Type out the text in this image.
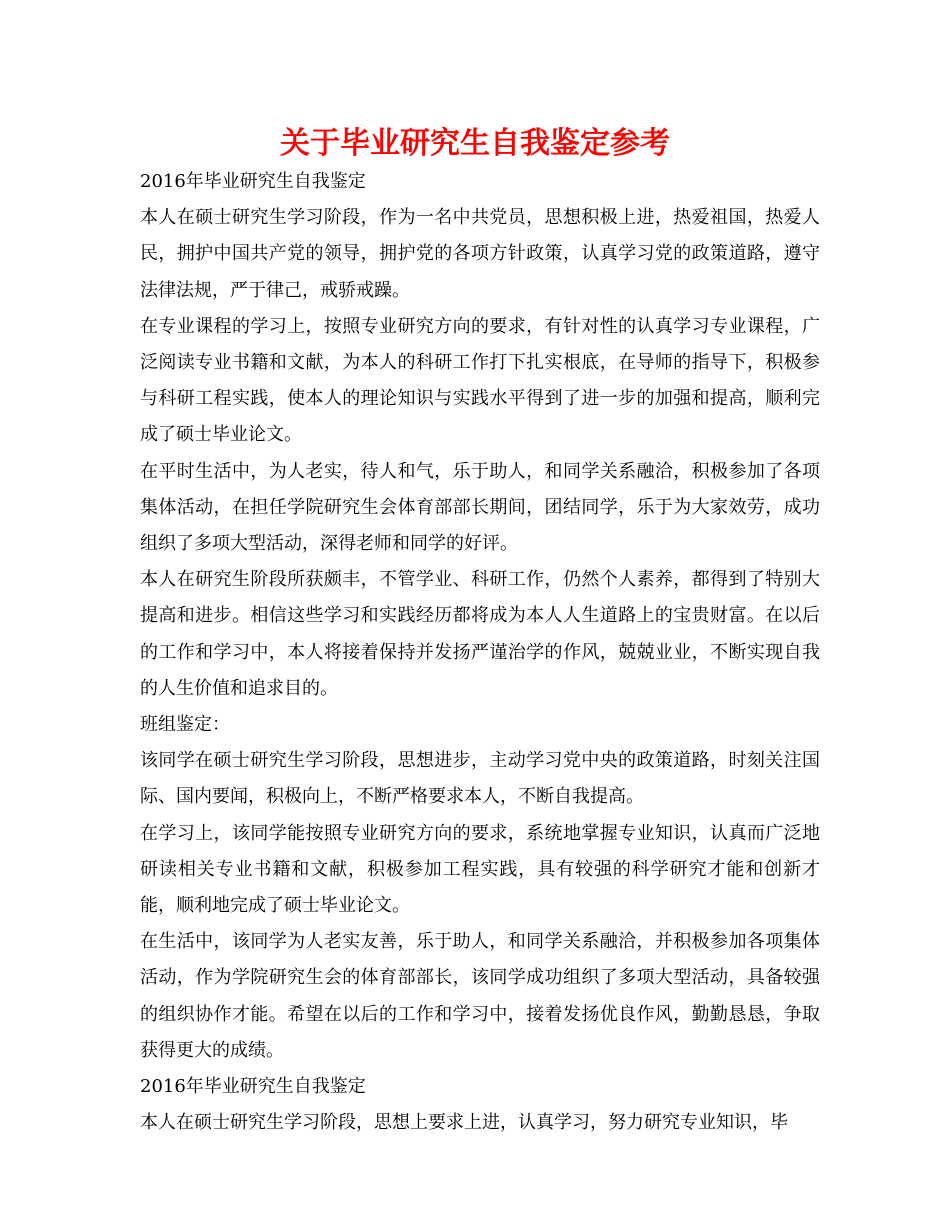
关于毕业研究生自我鉴定参考

2016年毕业研究生自我鉴定

本人在硕士研究生学习阶段，作为一名中共党员，思想积极上进，热爱祖国，热爱人民，拥护中国共产党的领导，拥护党的各项方针政策，认真学习党的政策道路，遵守法律法规，严于律己，戒骄戒躁。

在专业课程的学习上，按照专业研究方向的要求，有针对性的认真学习专业课程，广泛阅读专业书籍和文献，为本人的科研工作打下扎实根底，在导师的指导下，积极参与科研工程实践，使本人的理论知识与实践水平得到了进一步的加强和提高，顺利完成了硕士毕业论文。

在平时生活中，为人老实，待人和气，乐于助人，和同学关系融洽，积极参加了各项集体活动，在担任学院研究生会体育部部长期间，团结同学，乐于为大家效劳，成功组织了多项大型活动，深得老师和同学的好评。

本人在研究生阶段所获颇丰，不管学业、科研工作，仍然个人素养，都得到了特别大提高和进步。相信这些学习和实践经历都将成为本人人生道路上的宝贵财富。在以后的工作和学习中，本人将接着保持并发扬严谨治学的作风，兢兢业业，不断实现自我的人生价值和追求目的。

班组鉴定：

该同学在硕士研究生学习阶段，思想进步，主动学习党中央的政策道路，时刻关注国际、国内要闻，积极向上，不断严格要求本人，不断自我提高。

在学习上，该同学能按照专业研究方向的要求，系统地掌握专业知识，认真而广泛地研读相关专业书籍和文献，积极参加工程实践，具有较强的科学研究才能和创新才能，顺利地完成了硕士毕业论文。

在生活中，该同学为人老实友善，乐于助人，和同学关系融洽，并积极参加各项集体活动，作为学院研究生会的体育部部长，该同学成功组织了多项大型活动，具备较强的组织协作才能。希望在以后的工作和学习中，接着发扬优良作风，勤勤恳恳，争取获得更大的成绩。

2016年毕业研究生自我鉴定

本人在硕士研究生学习阶段，思想上要求上进，认真学习，努力研究专业知识，毕
